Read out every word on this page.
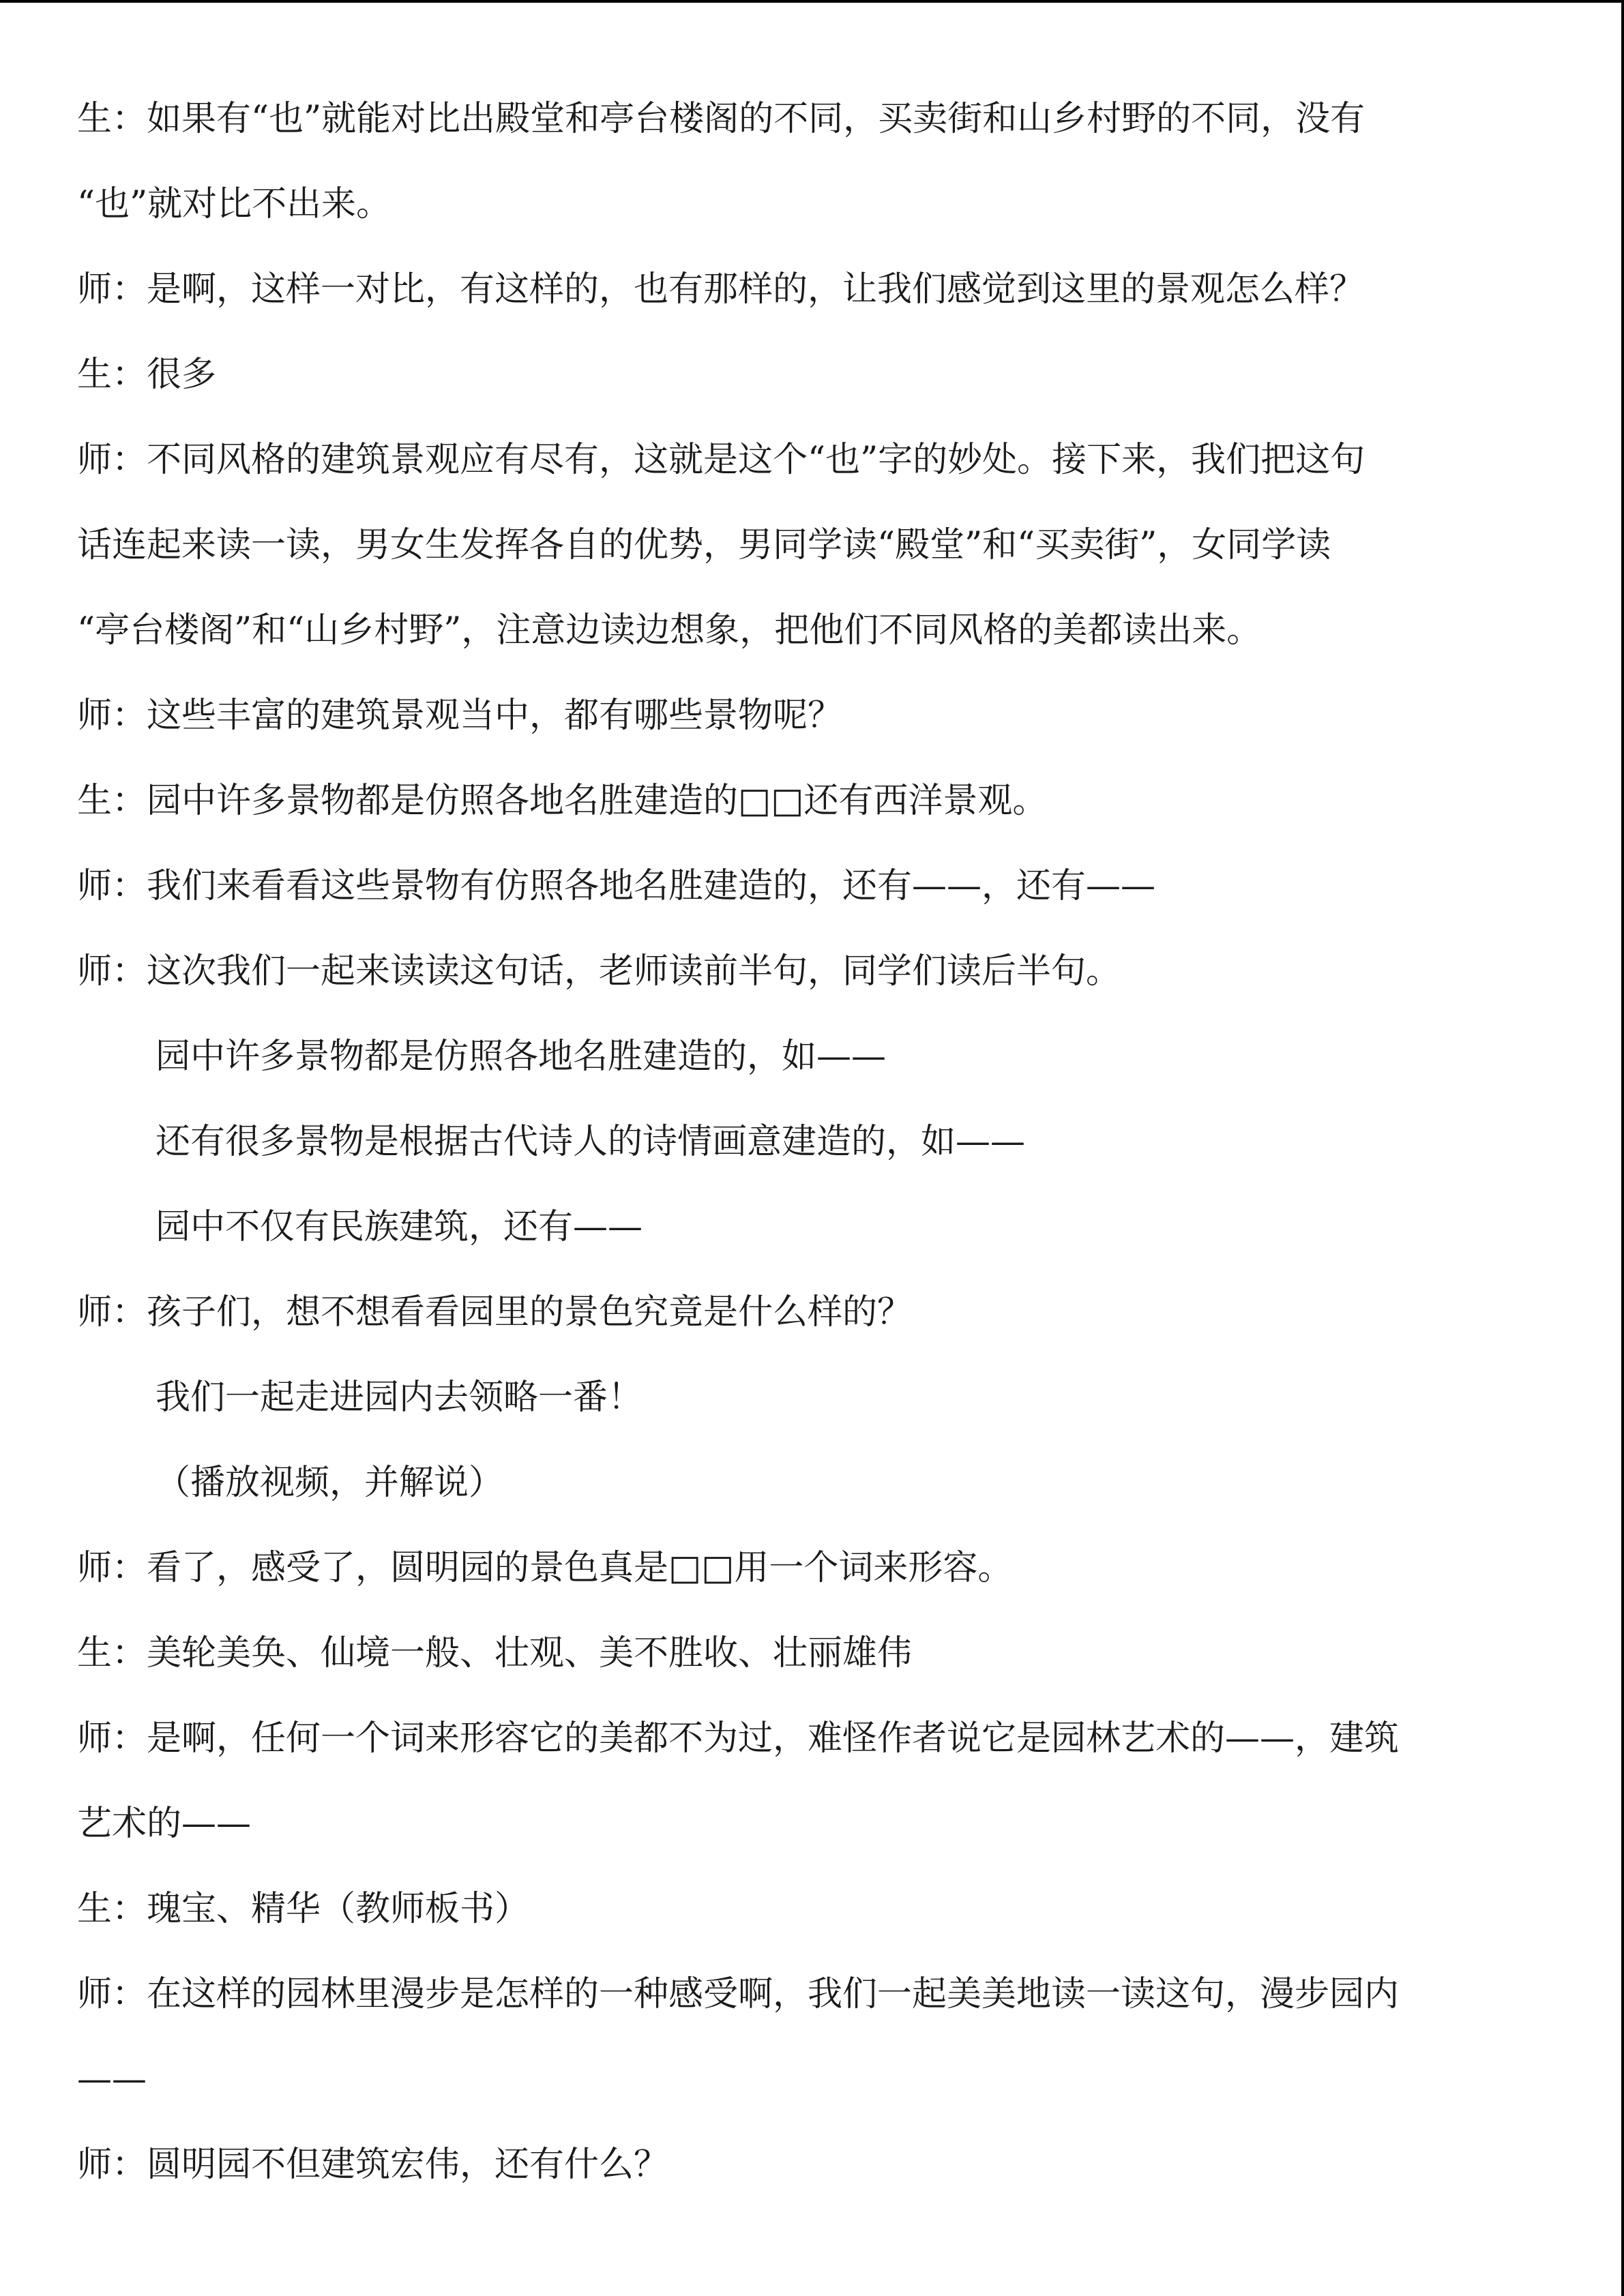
生：如果有“也”就能对比出殿堂和亭台楼阁的不同，买卖街和山乡村野的不同，没有
“也”就对比不出来。
师：是啊，这样一对比，有这样的，也有那样的，让我们感觉到这里的景观怎么样？
生：很多
师：不同风格的建筑景观应有尽有，这就是这个“也”字的妙处。接下来，我们把这句
话连起来读一读，男女生发挥各自的优势，男同学读“殿堂”和“买卖街”，女同学读
“亭台楼阁”和“山乡村野”，注意边读边想象，把他们不同风格的美都读出来。
师：这些丰富的建筑景观当中，都有哪些景物呢？
生：园中许多景物都是仿照各地名胜建造的□□还有西洋景观。
师：我们来看看这些景物有仿照各地名胜建造的，还有——，还有——
师：这次我们一起来读读这句话，老师读前半句，同学们读后半句。
园中许多景物都是仿照各地名胜建造的，如——
还有很多景物是根据古代诗人的诗情画意建造的，如——
园中不仅有民族建筑，还有——
师：孩子们，想不想看看园里的景色究竟是什么样的？
我们一起走进园内去领略一番！
（播放视频，并解说）
师：看了，感受了，圆明园的景色真是□□用一个词来形容。
生：美轮美奂、仙境一般、壮观、美不胜收、壮丽雄伟
师：是啊，任何一个词来形容它的美都不为过，难怪作者说它是园林艺术的——，建筑
艺术的——
生：瑰宝、精华（教师板书）
师：在这样的园林里漫步是怎样的一种感受啊，我们一起美美地读一读这句，漫步园内
——
师：圆明园不但建筑宏伟，还有什么？
